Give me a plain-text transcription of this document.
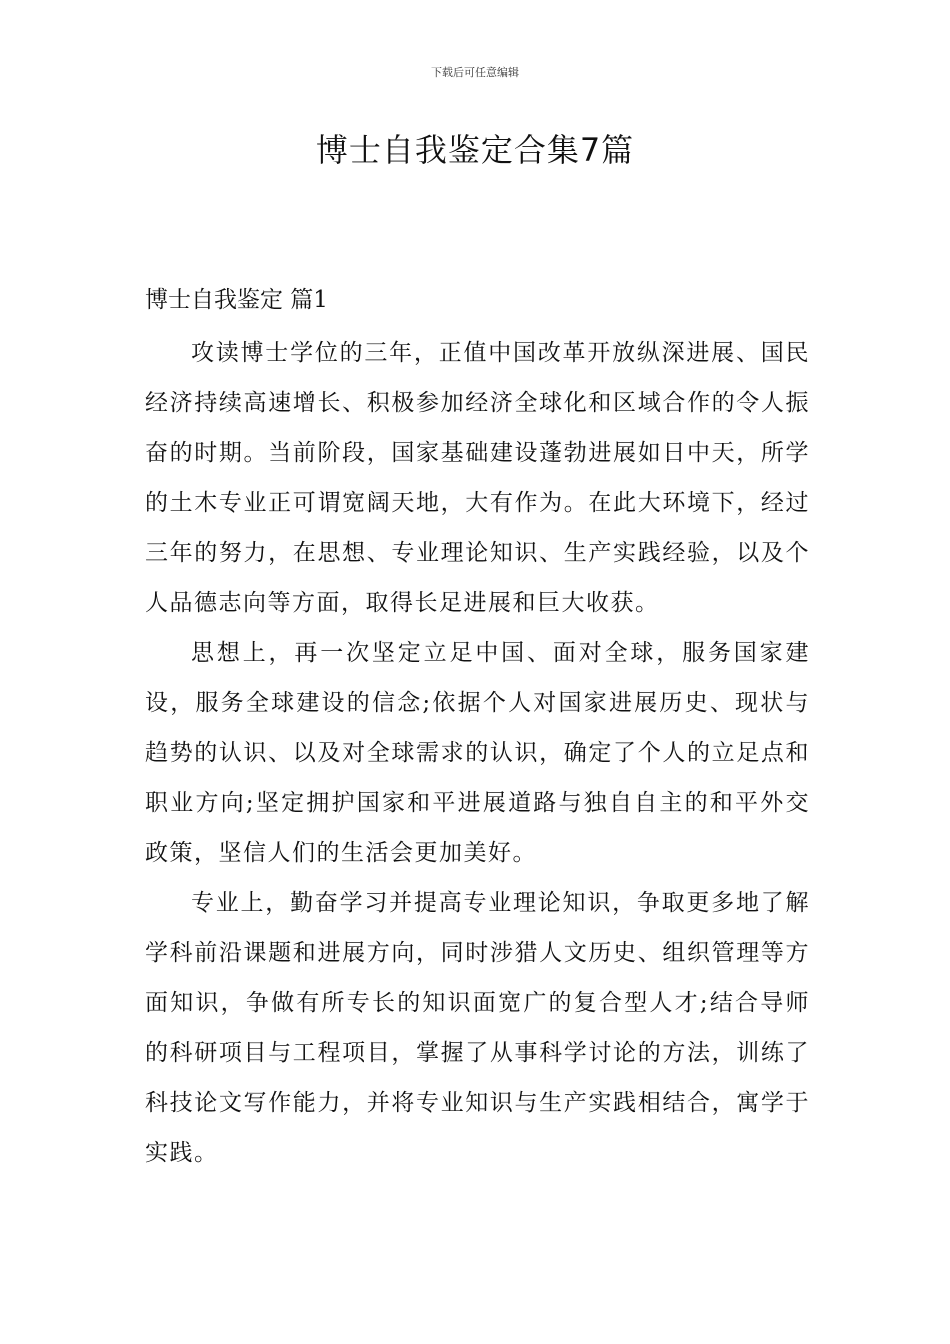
下载后可任意编辑
博士自我鉴定合集7篇
博士自我鉴定 篇1

攻读博士学位的三年，正值中国改革开放纵深进展、国民经济持续高速增长、积极参加经济全球化和区域合作的令人振奋的时期。当前阶段，国家基础建设蓬勃进展如日中天，所学的土木专业正可谓宽阔天地，大有作为。在此大环境下，经过三年的努力，在思想、专业理论知识、生产实践经验，以及个人品德志向等方面，取得长足进展和巨大收获。

思想上，再一次坚定立足中国、面对全球，服务国家建设，服务全球建设的信念;依据个人对国家进展历史、现状与趋势的认识、以及对全球需求的认识，确定了个人的立足点和职业方向;坚定拥护国家和平进展道路与独自自主的和平外交政策，坚信人们的生活会更加美好。

专业上，勤奋学习并提高专业理论知识，争取更多地了解学科前沿课题和进展方向，同时涉猎人文历史、组织管理等方面知识，争做有所专长的知识面宽广的复合型人才;结合导师的科研项目与工程项目，掌握了从事科学讨论的方法，训练了科技论文写作能力，并将专业知识与生产实践相结合，寓学于实践。
